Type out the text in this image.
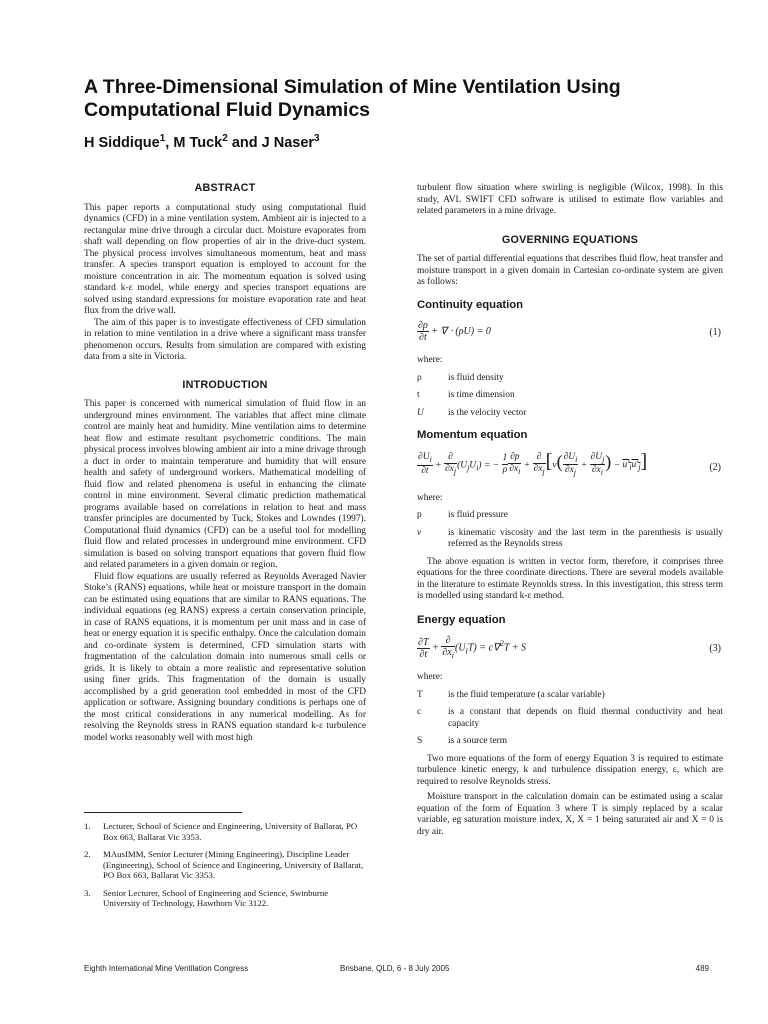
A Three-Dimensional Simulation of Mine Ventilation Using Computational Fluid Dynamics
H Siddique$^1$, M Tuck$^2$ and J Naser$^3$
ABSTRACT

This paper reports a computational study using computational fluid dynamics (CFD) in a mine ventilation system. Ambient air is injected to a rectangular mine drive through a circular duct. Moisture evaporates from shaft wall depending on flow properties of air in the drive-duct system. The physical process involves simultaneous momentum, heat and mass transfer. A species transport equation is employed to account for the moisture concentration in air. The momentum equation is solved using standard k-ε model, while energy and species transport equations are solved using standard expressions for moisture evaporation rate and heat flux from the drive wall.

The aim of this paper is to investigate effectiveness of CFD simulation in relation to mine ventilation in a drive where a significant mass transfer phenomenon occurs. Results from simulation are compared with existing data from a site in Victoria.

INTRODUCTION

This paper is concerned with numerical simulation of fluid flow in an underground mines environment. The variables that affect mine climate control are mainly heat and humidity. Mine ventilation aims to determine heat flow and estimate resultant psychometric conditions. The main physical process involves blowing ambient air into a mine drivage through a duct in order to maintain temperature and humidity that will ensure health and safety of underground workers. Mathematical modelling of fluid flow and related phenomena is useful in enhancing the climate control in mine environment. Several climatic prediction mathematical programs available based on correlations in relation to heat and mass transfer principles are documented by Tuck, Stokes and Lowndes (1997). Computational fluid dynamics (CFD) can be a useful tool for modelling fluid flow and related processes in underground mine environment. CFD simulation is based on solving transport equations that govern fluid flow and related parameters in a given domain or region.

Fluid flow equations are usually referred as Reynolds Averaged Navier Stoke’s (RANS) equations, while heat or moisture transport in the domain can be estimated using equations that are similar to RANS equations. The individual equations (eg RANS) express a certain conservation principle, in case of RANS equations, it is momentum per unit mass and in case of heat or energy equation it is specific enthalpy. Once the calculation domain and co-ordinate system is determined, CFD simulation starts with fragmentation of the calculation domain into numerous small cells or grids. It is likely to obtain a more realistic and representative solution using finer grids. This fragmentation of the domain is usually accomplished by a grid generation tool embedded in most of the CFD application or software. Assigning boundary conditions is perhaps one of the most critical considerations in any numerical modelling. As for resolving the Reynolds stress in RANS equation standard k-ε turbulence model works reasonably well with most high

1. Lecturer, School of Science and Engineering, University of Ballarat, PO Box 663, Ballarat Vic 3353.
2. MAusIMM, Senior Lecturer (Mining Engineering), Discipline Leader (Engineering), School of Science and Engineering, University of Ballarat, PO Box 663, Ballarat Vic 3353.
3. Senior Lecturer, School of Engineering and Science, Swinburne University of Technology, Hawthorn Vic 3122.

turbulent flow situation where swirling is negligible (Wilcox, 1998). In this study, AVL SWIFT CFD software is utilised to estimate flow variables and related parameters in a mine drivage.

GOVERNING EQUATIONS

The set of partial differential equations that describes fluid flow, heat transfer and moisture transport in a given domain in Cartesian co-ordinate system are given as follows:

Continuity equation
$\frac{\partial\rho}{\partial t}$ + ∇ ⋅ (ρU) = 0	(1)

where:

ρ	is fluid density

t	is time dimension

U	is the velocity vector

Momentum equation
$\frac{\partial U_i}{\partial t} + \frac{\partial}{\partial x_j} (U_jU_i)$ = − $\frac{1}{\rho} \frac{\partial p}{\partial x_i} + \frac{\partial}{\partial x_j} [v( \frac{\partial U_i}{\partial x_j} + \frac{\partial U_j}{\partial x_i}$ ) − $u'_iu'_j$]	(2)

where:

p	is fluid pressure

v	is kinematic viscosity and the last term in the parenthesis is usually referred as the Reynolds stress

The above equation is written in vector form, therefore, it comprises three equations for the three coordinate directions. There are several models available in the literature to estimate Reynolds stress. In this investigation, this stress term is modelled using standard k-ε method.

Energy equation
$\frac{\partial T}{\partial t} + \frac{\partial}{\partial x_i} (U_iT) = c\nabla^2T + S$	(3)

where:

T	is the fluid temperature (a scalar variable)

c	is a constant that depends on fluid thermal conductivity and heat capacity

S	is a source term

Two more equations of the form of energy Equation 3 is required to estimate turbulence kinetic energy, k and turbulence dissipation energy, ε, which are required to resolve Reynolds stress.

Moisture transport in the calculation domain can be estimated using a scalar equation of the form of Equation 3 where T is simply replaced by a scalar variable, eg saturation moisture index, X, X = 1 being saturated air and X = 0 is dry air.

Eighth International Mine Ventilation Congress	Brisbane, QLD, 6 - 8 July 2005	489
